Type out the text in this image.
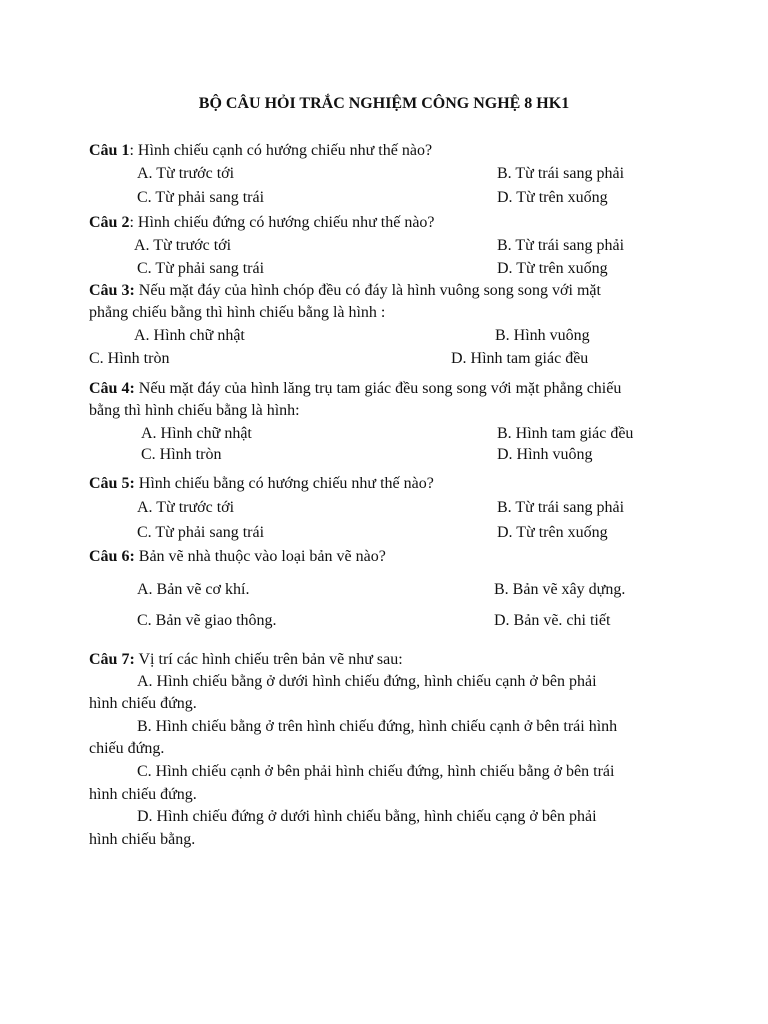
BỘ CÂU HỎI TRẮC NGHIỆM CÔNG NGHỆ 8 HK1
Câu 1: Hình chiếu cạnh có hướng chiếu như thế nào?
A. Từ trước tới	B. Từ trái sang phải
C. Từ phải sang trái	D. Từ trên xuống
Câu 2: Hình chiếu đứng có hướng chiếu như thế nào?
A. Từ trước tới	B. Từ trái sang phải
C. Từ phải sang trái	D. Từ trên xuống
Câu 3: Nếu mặt đáy của hình chóp đều có đáy là hình vuông song song với mặt
phẳng chiếu bằng thì hình chiếu bằng là hình :
A. Hình chữ nhật	B. Hình vuông
C. Hình tròn	D. Hình tam giác đều
Câu 4: Nếu mặt đáy của hình lăng trụ tam giác đều song song với mặt phẳng chiếu
bằng thì hình chiếu bằng là hình:
A. Hình chữ nhật	B. Hình tam giác đều
C. Hình tròn	D. Hình vuông
Câu 5: Hình chiếu bằng có hướng chiếu như thế nào?
A. Từ trước tới	B. Từ trái sang phải
C. Từ phải sang trái	D. Từ trên xuống
Câu 6: Bản vẽ nhà thuộc vào loại bản vẽ nào?
A. Bản vẽ cơ khí.	B. Bản vẽ xây dựng.
C. Bản vẽ giao thông.	D. Bản vẽ. chi tiết
Câu 7: Vị trí các hình chiếu trên bản vẽ như sau:
A. Hình chiếu bằng ở dưới hình chiếu đứng, hình chiếu cạnh ở bên phải
hình chiếu đứng.
B. Hình chiếu bằng ở trên hình chiếu đứng, hình chiếu cạnh ở bên trái hình
chiếu đứng.
C. Hình chiếu cạnh ở bên phải hình chiếu đứng, hình chiếu bằng ở bên trái
hình chiếu đứng.
D. Hình chiếu đứng ở dưới hình chiếu bằng, hình chiếu cạng ở bên phải
hình chiếu bằng.
